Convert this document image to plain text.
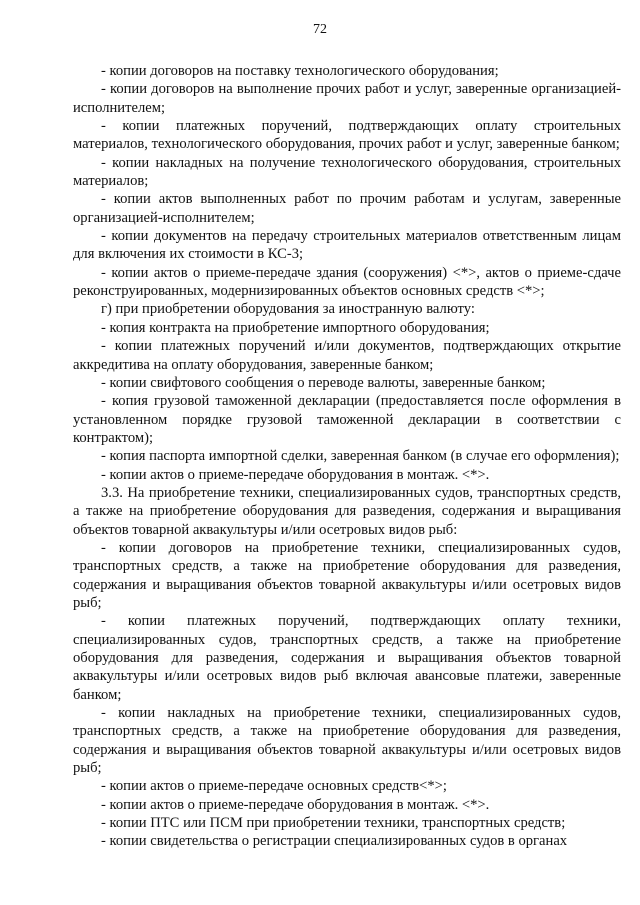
72

- копии договоров на поставку технологического оборудования;

- копии договоров на выполнение прочих работ и услуг, заверенные организацией-исполнителем;

- копии платежных поручений, подтверждающих оплату строительных материалов, технологического оборудования, прочих работ и услуг, заверенные банком;

- копии накладных на получение технологического оборудования, строительных материалов;

- копии актов выполненных работ по прочим работам и услугам, заверенные организацией-исполнителем;

- копии документов на передачу строительных материалов ответственным лицам для включения их стоимости в КС-3;

- копии актов о приеме-передаче здания (сооружения) <*>, актов о приеме-сдаче реконструированных, модернизированных объектов основных средств <*>;

г) при приобретении оборудования за иностранную валюту:

- копия контракта на приобретение импортного оборудования;

- копии платежных поручений и/или документов, подтверждающих открытие аккредитива на оплату оборудования, заверенные банком;

- копии свифтового сообщения о переводе валюты, заверенные банком;

- копия грузовой таможенной декларации (предоставляется после оформления в установленном порядке грузовой таможенной декларации в соответствии с контрактом);

- копия паспорта импортной сделки, заверенная банком (в случае его оформления);

- копии актов о приеме-передаче оборудования в монтаж. <*>.

3.3. На приобретение техники, специализированных судов, транспортных средств, а также на приобретение оборудования для разведения, содержания и выращивания объектов товарной аквакультуры и/или осетровых видов рыб:

- копии договоров на приобретение техники, специализированных судов, транспортных средств, а также на приобретение оборудования для разведения, содержания и выращивания объектов товарной аквакультуры и/или осетровых видов рыб;

- копии платежных поручений, подтверждающих оплату техники, специализированных судов, транспортных средств, а также на приобретение оборудования для разведения, содержания и выращивания объектов товарной аквакультуры и/или осетровых видов рыб включая авансовые платежи, заверенные банком;

- копии накладных на приобретение техники, специализированных судов, транспортных средств, а также на приобретение оборудования для разведения, содержания и выращивания объектов товарной аквакультуры и/или осетровых видов рыб;

- копии актов о приеме-передаче основных средств<*>;

- копии актов о приеме-передаче оборудования в монтаж. <*>.

- копии ПТС или ПСМ при приобретении техники, транспортных средств;

- копии свидетельства о регистрации специализированных судов в органах
